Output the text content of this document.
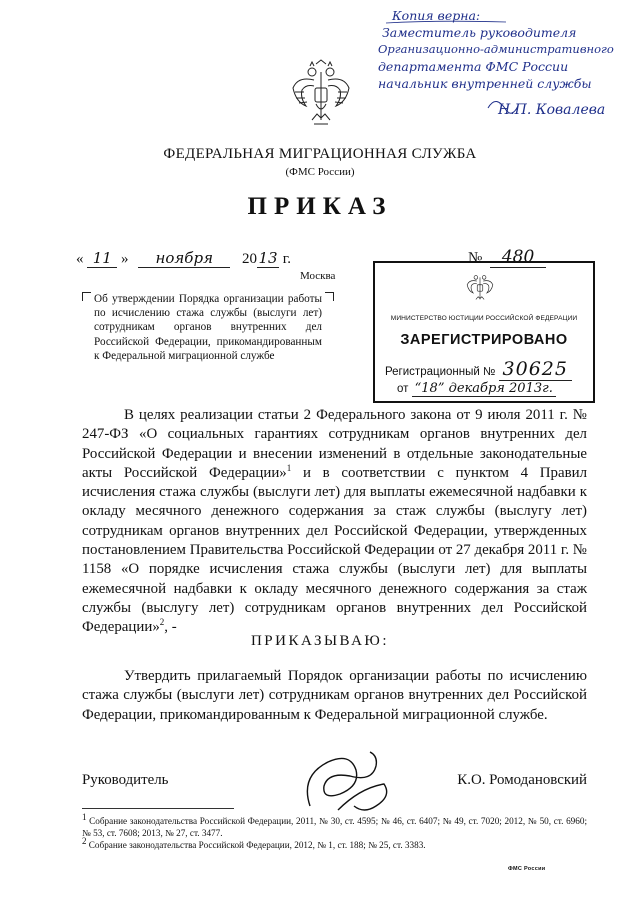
Копия верна:
Заместитель руководителя
Организационно-административного
департамента ФМС России
начальник внутренней службы
Н.П. Ковалева
ФЕДЕРАЛЬНАЯ МИГРАЦИОННАЯ СЛУЖБА
(ФМС России)
ПРИКАЗ
« 11 » ноября 2013 г.	№ 480
Москва
Об утверждении Порядка организации работы по исчислению стажа службы (выслуги лет) сотрудникам органов внутренних дел Российской Федерации, прикомандированным к Федеральной миграционной службе
МИНИСТЕРСТВО ЮСТИЦИИ РОССИЙСКОЙ ФЕДЕРАЦИИ
ЗАРЕГИСТРИРОВАНО
Регистрационный № 30625
от “18” декабря 2013г.

В целях реализации статьи 2 Федерального закона от 9 июля 2011 г. № 247-ФЗ «О социальных гарантиях сотрудникам органов внутренних дел Российской Федерации и внесении изменений в отдельные законодательные акты Российской Федерации»$^1$ и в соответствии с пунктом 4 Правил исчисления стажа службы (выслуги лет) для выплаты ежемесячной надбавки к окладу месячного денежного содержания за стаж службы (выслугу лет) сотрудникам органов внутренних дел Российской Федерации, утвержденных постановлением Правительства Российской Федерации от 27 декабря 2011 г. № 1158 «О порядке исчисления стажа службы (выслуги лет) для выплаты ежемесячной надбавки к окладу месячного денежного содержания за стаж службы (выслугу лет) сотрудникам органов внутренних дел Российской Федерации»$^2$, -

ПРИКАЗЫВАЮ:

Утвердить прилагаемый Порядок организации работы по исчислению стажа службы (выслуги лет) сотрудникам органов внутренних дел Российской Федерации, прикомандированным к Федеральной миграционной службе.

Руководитель	К.О. Ромодановский

$^1$ Собрание законодательства Российской Федерации, 2011, № 30, ст. 4595; № 46, ст. 6407; № 49, ст. 7020; 2012, № 50, ст. 6960; № 53, ст. 7608; 2013, № 27, ст. 3477.

$^2$ Собрание законодательства Российской Федерации, 2012, № 1, ст. 188; № 25, ст. 3383.

ФМС России
